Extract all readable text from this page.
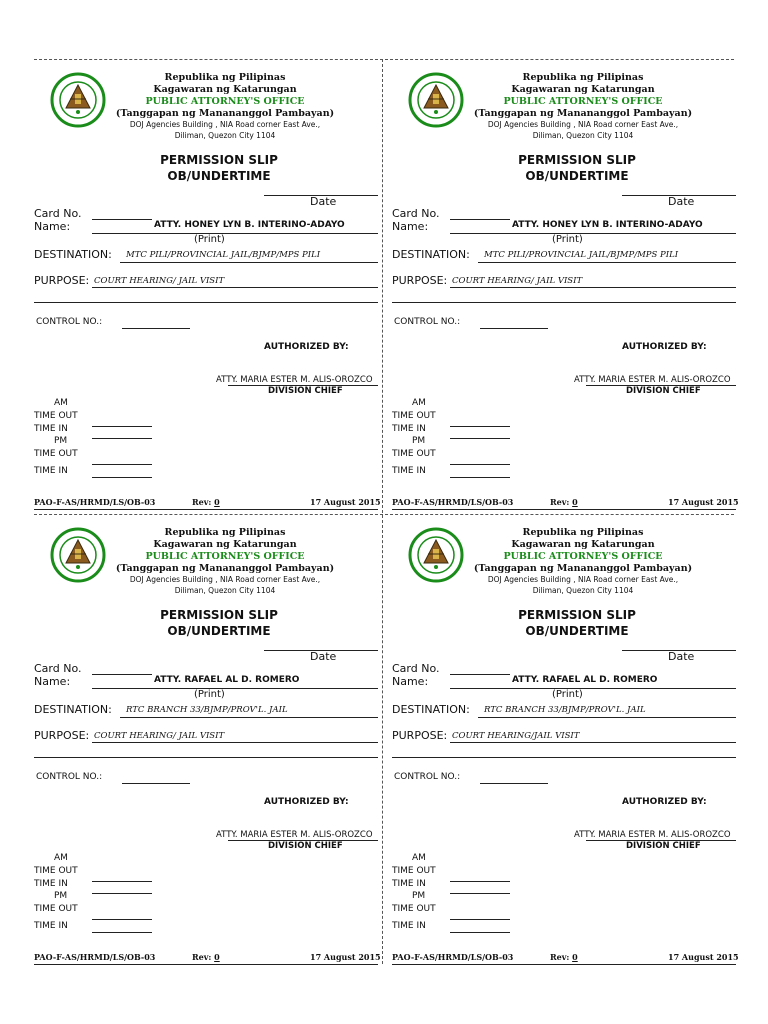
Republika ng Pilipinas
Kagawaran ng Katarungan
PUBLIC ATTORNEY'S OFFICE
(Tanggapan ng Manananggol Pambayan)
DOJ Agencies Building , NIA Road corner East Ave.,
Diliman, Quezon City 1104
PERMISSION SLIP
OB/UNDERTIME
Date
Card No.
Name:	ATTY. HONEY LYN B. INTERINO-ADAYO
(Print)
DESTINATION: MTC PILI/PROVINCIAL JAIL/BJMP/MPS PILI
PURPOSE: COURT HEARING/ JAIL VISIT
CONTROL NO.:
AUTHORIZED BY:
ATTY. MARIA ESTER M. ALIS-OROZCO
DIVISION CHIEF
AM
TIME OUT
TIME IN
PM
TIME OUT
TIME IN
PAO-F-AS/HRMD/LS/OB-03	Rev: 0	17 August 2015
Republika ng Pilipinas
Kagawaran ng Katarungan
PUBLIC ATTORNEY'S OFFICE
(Tanggapan ng Manananggol Pambayan)
DOJ Agencies Building , NIA Road corner East Ave.,
Diliman, Quezon City 1104
PERMISSION SLIP
OB/UNDERTIME
Date
Card No.
Name:	ATTY. HONEY LYN B. INTERINO-ADAYO
(Print)
DESTINATION: MTC PILI/PROVINCIAL JAIL/BJMP/MPS PILI
PURPOSE: COURT HEARING/ JAIL VISIT
CONTROL NO.:
AUTHORIZED BY:
ATTY. MARIA ESTER M. ALIS-OROZCO
DIVISION CHIEF
AM
TIME OUT
TIME IN
PM
TIME OUT
TIME IN
PAO-F-AS/HRMD/LS/OB-03	Rev: 0	17 August 2015
Republika ng Pilipinas
Kagawaran ng Katarungan
PUBLIC ATTORNEY'S OFFICE
(Tanggapan ng Manananggol Pambayan)
DOJ Agencies Building , NIA Road corner East Ave.,
Diliman, Quezon City 1104
PERMISSION SLIP
OB/UNDERTIME
Date
Card No.
Name:	ATTY. RAFAEL AL D. ROMERO
(Print)
DESTINATION: RTC BRANCH 33/BJMP/PROV'L. JAIL
PURPOSE: COURT HEARING/ JAIL VISIT
CONTROL NO.:
AUTHORIZED BY:
ATTY. MARIA ESTER M. ALIS-OROZCO
DIVISION CHIEF
AM
TIME OUT
TIME IN
PM
TIME OUT
TIME IN
PAO-F-AS/HRMD/LS/OB-03	Rev: 0	17 August 2015
Republika ng Pilipinas
Kagawaran ng Katarungan
PUBLIC ATTORNEY'S OFFICE
(Tanggapan ng Manananggol Pambayan)
DOJ Agencies Building , NIA Road corner East Ave.,
Diliman, Quezon City 1104
PERMISSION SLIP
OB/UNDERTIME
Date
Card No.
Name:	ATTY. RAFAEL AL D. ROMERO
(Print)
DESTINATION: RTC BRANCH 33/BJMP/PROV'L. JAIL
PURPOSE: COURT HEARING/JAIL VISIT
CONTROL NO.:
AUTHORIZED BY:
ATTY. MARIA ESTER M. ALIS-OROZCO
DIVISION CHIEF
AM
TIME OUT
TIME IN
PM
TIME OUT
TIME IN
PAO-F-AS/HRMD/LS/OB-03	Rev: 0	17 August 2015
